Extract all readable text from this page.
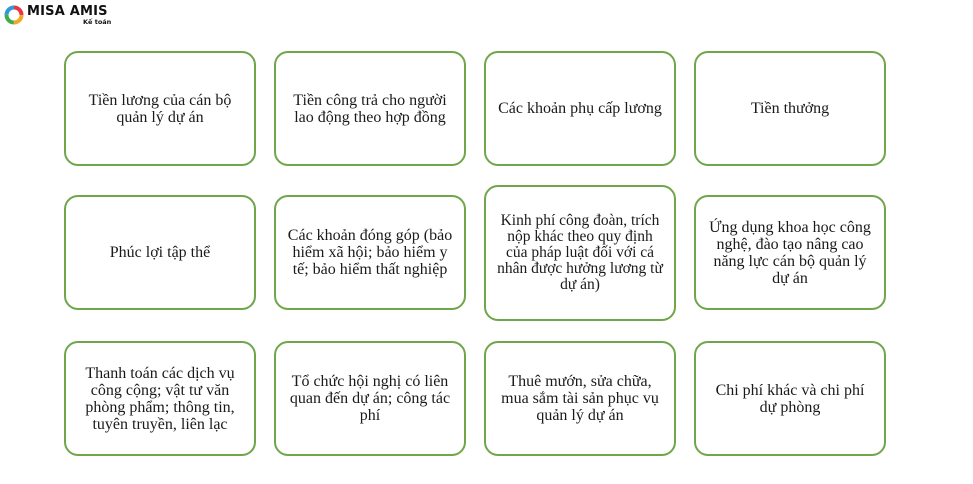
MISA AMIS
Kế toán
Tiền lương của cán bộ quản lý dự án
Tiền công trả cho người lao động theo hợp đồng	Các khoản phụ cấp lương	Tiền thưởng
Phúc lợi tập thể
Các khoản đóng góp (bảo hiểm xã hội; bảo hiểm y tế; bảo hiểm thất nghiệp
Kinh phí công đoàn, trích nộp khác theo quy định của pháp luật đối với cá nhân được hưởng lương từ dự án)
Ứng dụng khoa học công nghệ, đào tạo nâng cao năng lực cán bộ quản lý dự án
Thanh toán các dịch vụ công cộng; vật tư văn phòng phẩm; thông tin, tuyên truyền, liên lạc
Tổ chức hội nghị có liên quan đến dự án; công tác phí
Thuê mướn, sửa chữa, mua sắm tài sản phục vụ quản lý dự án
Chi phí khác và chi phí dự phòng
